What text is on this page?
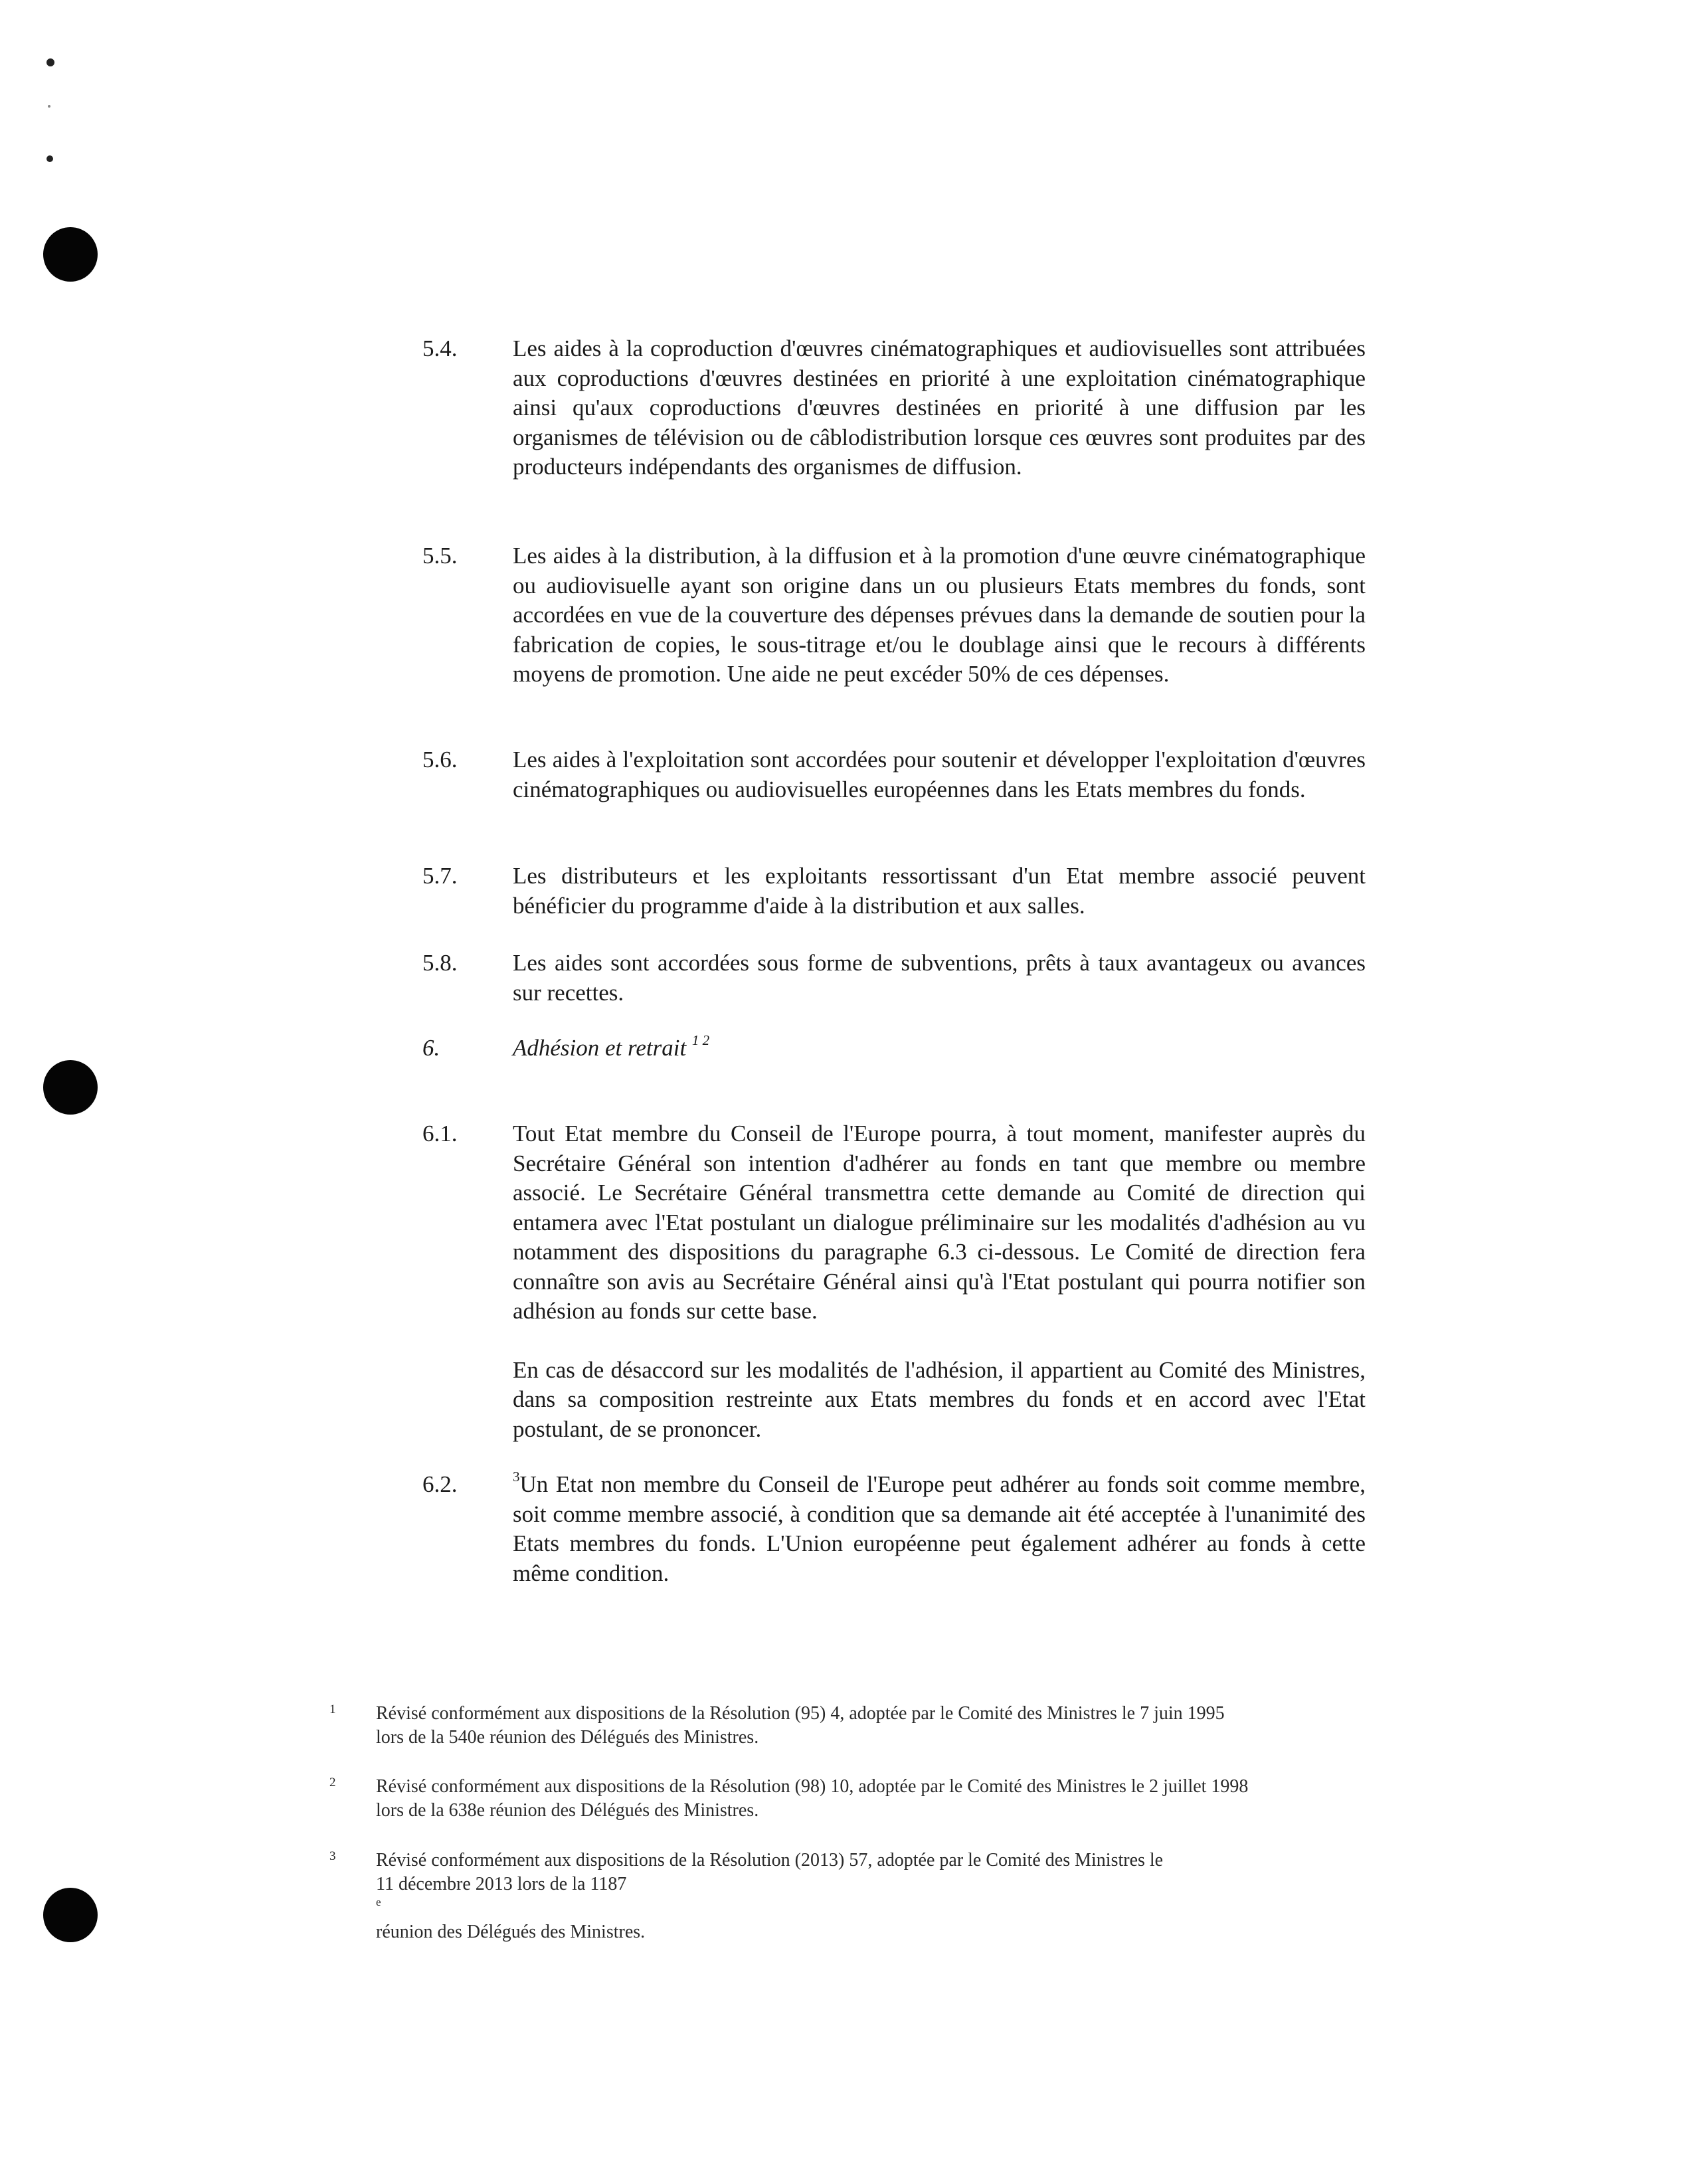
5.4. Les aides à la coproduction d'œuvres cinématographiques et audiovisuelles sont attribuées aux coproductions d'œuvres destinées en priorité à une exploitation cinématographique ainsi qu'aux coproductions d'œuvres destinées en priorité à une diffusion par les organismes de télévision ou de câblodistribution lorsque ces œuvres sont produites par des producteurs indépendants des organismes de diffusion.

5.5. Les aides à la distribution, à la diffusion et à la promotion d'une œuvre cinématographique ou audiovisuelle ayant son origine dans un ou plusieurs Etats membres du fonds, sont accordées en vue de la couverture des dépenses prévues dans la demande de soutien pour la fabrication de copies, le sous-titrage et/ou le doublage ainsi que le recours à différents moyens de promotion. Une aide ne peut excéder 50% de ces dépenses.

5.6. Les aides à l'exploitation sont accordées pour soutenir et développer l'exploitation d'œuvres cinématographiques ou audiovisuelles européennes dans les Etats membres du fonds.

5.7. Les distributeurs et les exploitants ressortissant d'un Etat membre associé peuvent bénéficier du programme d'aide à la distribution et aux salles.

5.8. Les aides sont accordées sous forme de subventions, prêts à taux avantageux ou avances sur recettes.

6.	Adhésion et retrait $^{1 2}$

6.1. Tout Etat membre du Conseil de l'Europe pourra, à tout moment, manifester auprès du Secrétaire Général son intention d'adhérer au fonds en tant que membre ou membre associé. Le Secrétaire Général transmettra cette demande au Comité de direction qui entamera avec l'Etat postulant un dialogue préliminaire sur les modalités d'adhésion au vu notamment des dispositions du paragraphe 6.3 ci-dessous. Le Comité de direction fera connaître son avis au Secrétaire Général ainsi qu'à l'Etat postulant qui pourra notifier son adhésion au fonds sur cette base.

En cas de désaccord sur les modalités de l'adhésion, il appartient au Comité des Ministres, dans sa composition restreinte aux Etats membres du fonds et en accord avec l'Etat postulant, de se prononcer.

6.2.	$^3$Un Etat non membre du Conseil de l'Europe peut adhérer au fonds soit comme membre, soit comme membre associé, à condition que sa demande ait été acceptée à l'unanimité des Etats membres du fonds. L'Union européenne peut également adhérer au fonds à cette même condition.

1 Révisé conformément aux dispositions de la Résolution (95) 4, adoptée par le Comité des Ministres le 7 juin 1995
lors de la 540e réunion des Délégués des Ministres.
2 Révisé conformément aux dispositions de la Résolution (98) 10, adoptée par le Comité des Ministres le 2 juillet 1998
lors de la 638e réunion des Délégués des Ministres.
3 Révisé conformément aux dispositions de la Résolution (2013) 57, adoptée par le Comité des Ministres le
11 décembre 2013 lors de la 1187
$^e$
réunion des Délégués des Ministres.
